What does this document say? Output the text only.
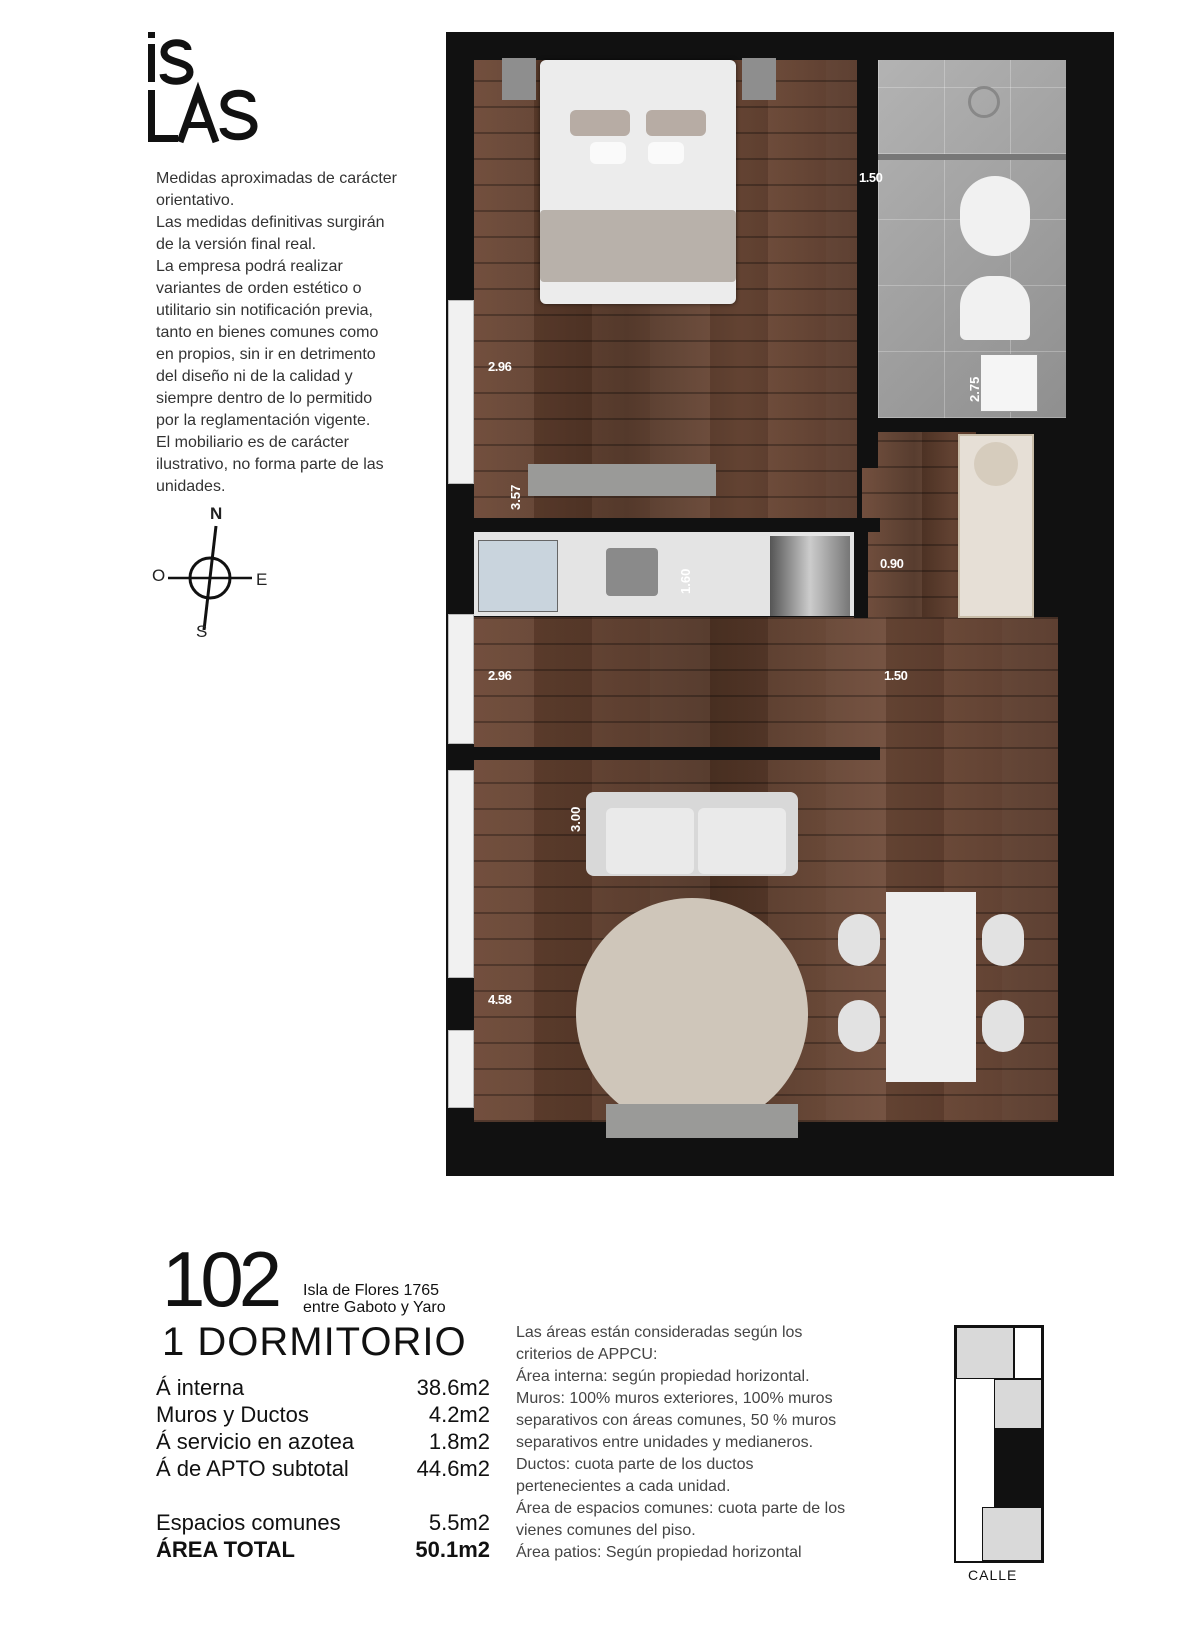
Medidas aproximadas de carácter
orientativo.
Las medidas definitivas surgirán
de la versión final real.
La empresa podrá realizar
variantes de orden estético o
utilitario sin notificación previa,
tanto en bienes comunes como
en propios, sin ir en detrimento
del diseño ni de la calidad y
siempre dentro de lo permitido
por la reglamentación vigente.
El mobiliario es de carácter
ilustrativo, no forma parte de las
unidades.
N
E
O
S
1.50
2.75
2.96
3.57
1.60
0.90
2.96	1.50
3.00
4.58
102 Isla de Flores 1765
entre Gaboto y Yaro
1 DORMITORIO
Á interna	38.6m2
Muros y Ductos	4.2m2
Á servicio en azotea	1.8m2
Á de APTO subtotal	44.6m2
Espacios comunes	5.5m2
ÁREA TOTAL	50.1m2
Las áreas están consideradas según los
criterios de APPCU:
Área interna: según propiedad horizontal.
Muros: 100% muros exteriores, 100% muros
separativos con áreas comunes, 50 % muros
separativos entre unidades y medianeros.
Ductos: cuota parte de los ductos
pertenecientes a cada unidad.
Área de espacios comunes: cuota parte de los
vienes comunes del piso.
Área patios: Según propiedad horizontal
CALLE
